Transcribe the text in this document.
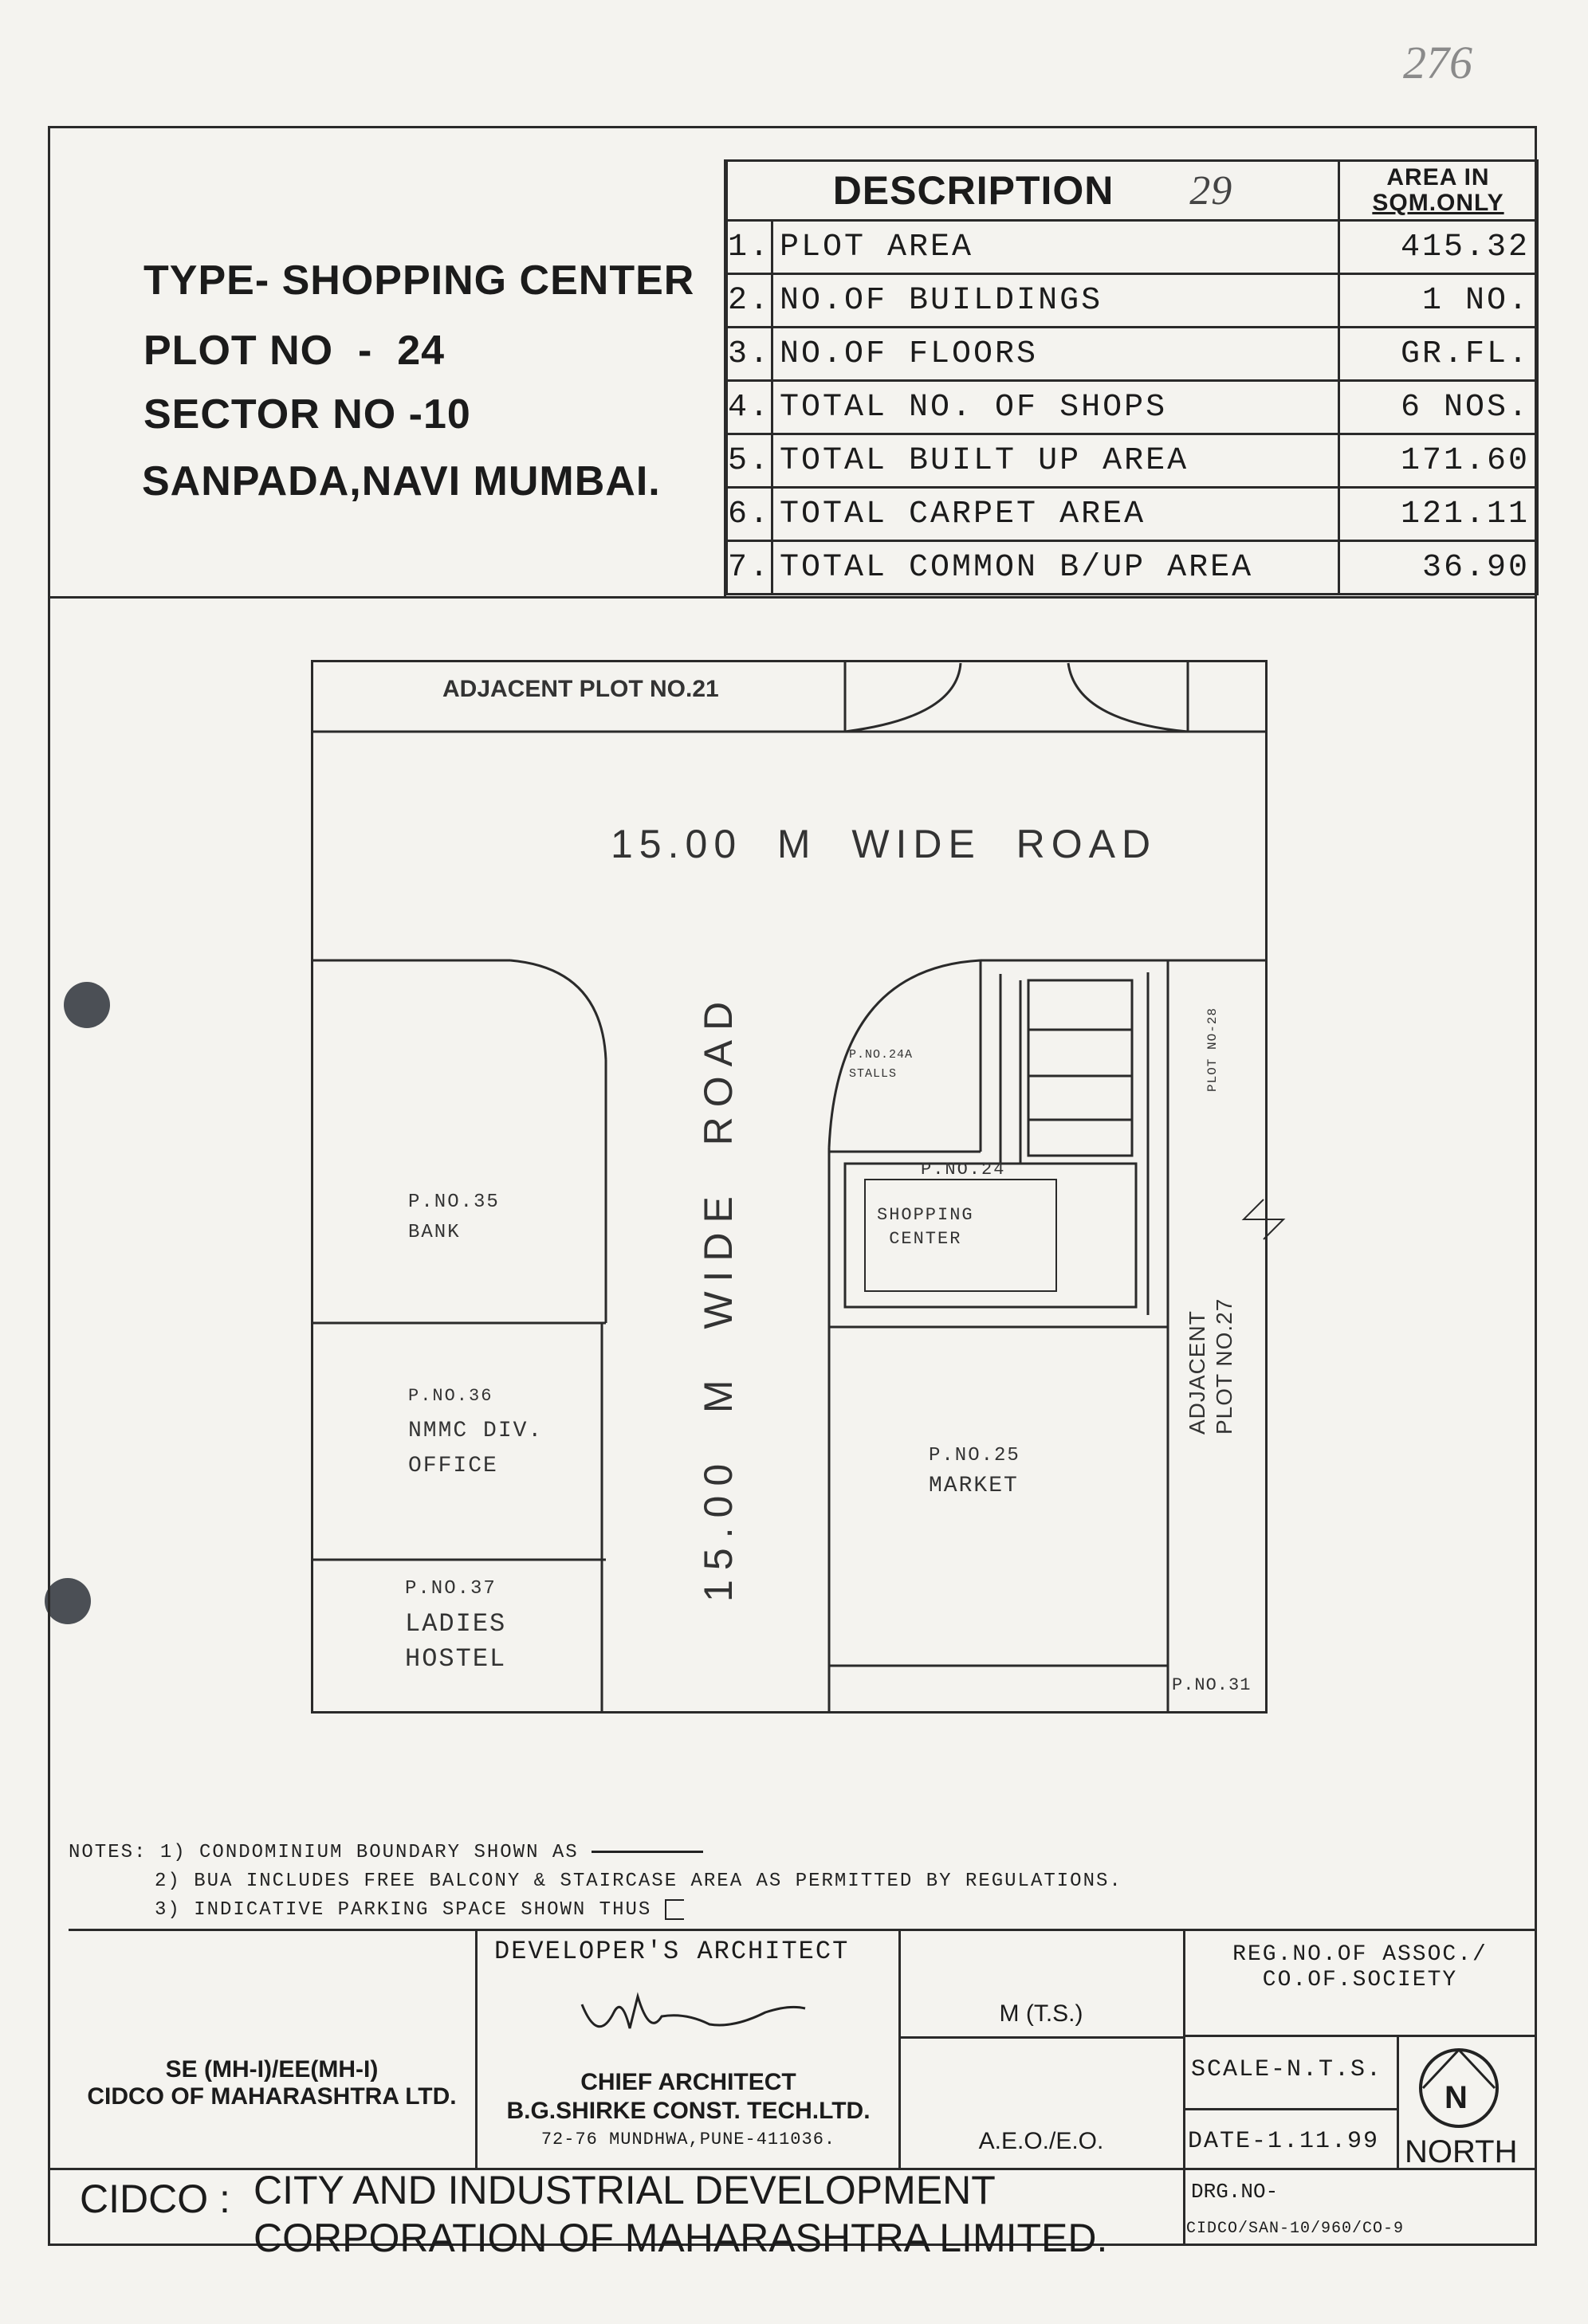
276
TYPE- SHOPPING CENTER
PLOT NO  -  24
SECTOR NO -10
SANPADA,NAVI MUMBAI.
DESCRIPTION 29		AREA IN
SQM.ONLY

1.	PLOT AREA	415.32
2.	NO.OF BUILDINGS	1 NO.
3.	NO.OF FLOORS	GR.FL.
4.	TOTAL NO. OF SHOPS	6 NOS.
5.	TOTAL BUILT UP AREA	171.60
6.	TOTAL CARPET AREA	121.11
7.	TOTAL COMMON B/UP AREA	36.90
ADJACENT PLOT NO.21
15.00  M  WIDE  ROAD
15.00  M  WIDE  ROAD
P.NO.35
BANK
P.NO.36
NMMC DIV.
OFFICE
P.NO.37
LADIES
HOSTEL
P.NO.24A
STALLS
P.NO.24
SHOPPING
CENTER
P.NO.25
MARKET
PLOT NO-28
ADJACENT PLOT NO.27
P.NO.31
NOTES: 1) CONDOMINIUM BOUNDARY SHOWN AS
2) BUA INCLUDES FREE BALCONY & STAIRCASE AREA AS PERMITTED BY REGULATIONS.
3) INDICATIVE PARKING SPACE SHOWN THUS
SE (MH-I)/EE(MH-I)
CIDCO OF MAHARASHTRA LTD.
DEVELOPER'S ARCHITECT
CHIEF ARCHITECT
B.G.SHIRKE CONST. TECH.LTD.
72-76 MUNDHWA,PUNE-411036.
M (T.S.)
A.E.O./E.O.
REG.NO.OF ASSOC./
CO.OF.SOCIETY
SCALE-N.T.S.
DATE-1.11.99
N
NORTH
CIDCO : CITY AND INDUSTRIAL DEVELOPMENT
CORPORATION OF MAHARASHTRA LIMITED.
DRG.NO-
CIDCO/SAN-10/960/CO-9
